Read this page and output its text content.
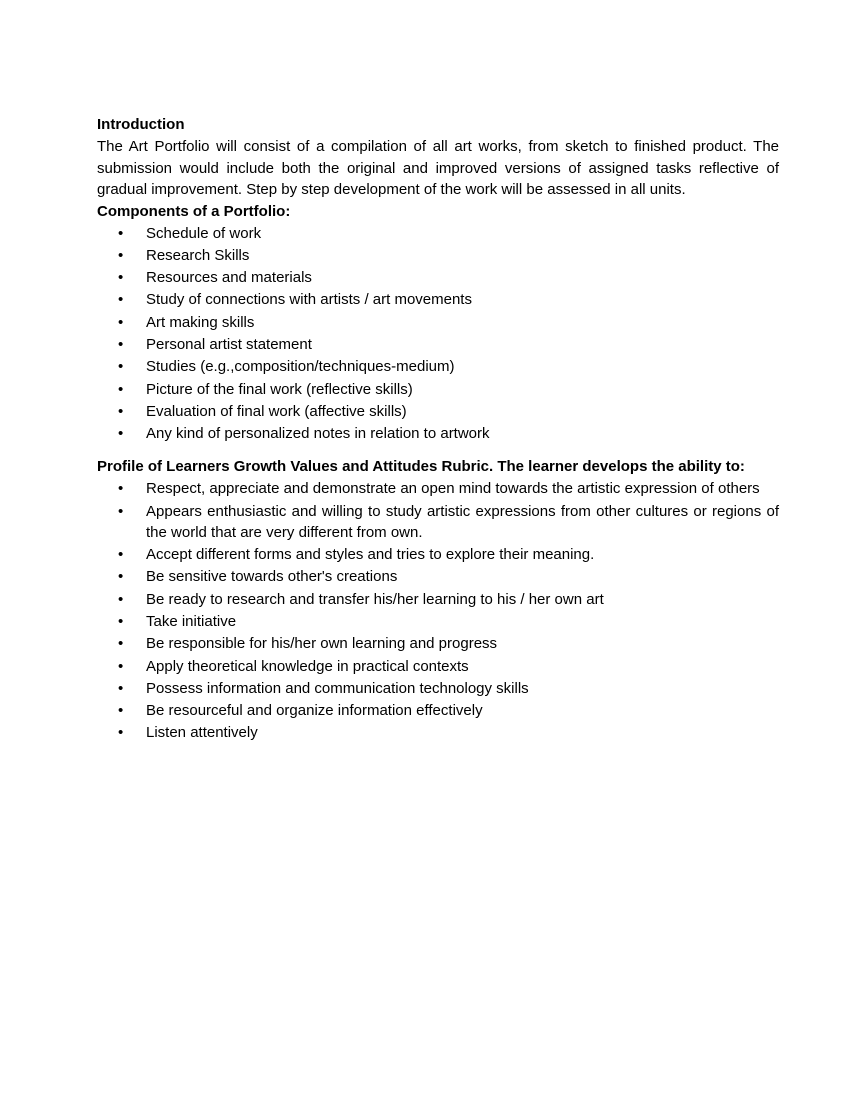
Introduction

The Art Portfolio will consist of a compilation of all art works, from sketch to finished product. The submission would include both the original and improved versions of assigned tasks reflective of gradual improvement. Step by step development of the work will be assessed in all units.

Components of a Portfolio:

• Schedule of work
• Research Skills
• Resources and materials
• Study of connections with artists / art movements
• Art making skills
• Personal artist statement
• Studies (e.g.,composition/techniques-medium)
• Picture of the final work (reflective skills)
• Evaluation of final work (affective skills)
• Any kind of personalized notes in relation to artwork

Profile of Learners Growth Values and Attitudes Rubric. The learner develops the ability to:

• Respect, appreciate and demonstrate an open mind towards the artistic expression of others
• Appears enthusiastic and willing to study artistic expressions from other cultures or regions of the world that are very different from own.
• Accept different forms and styles and tries to explore their meaning.
• Be sensitive towards other's creations
• Be ready to research and transfer his/her learning to his / her own art
• Take initiative
• Be responsible for his/her own learning and progress
• Apply theoretical knowledge in practical contexts
• Possess information and communication technology skills
• Be resourceful and organize information effectively
• Listen attentively
